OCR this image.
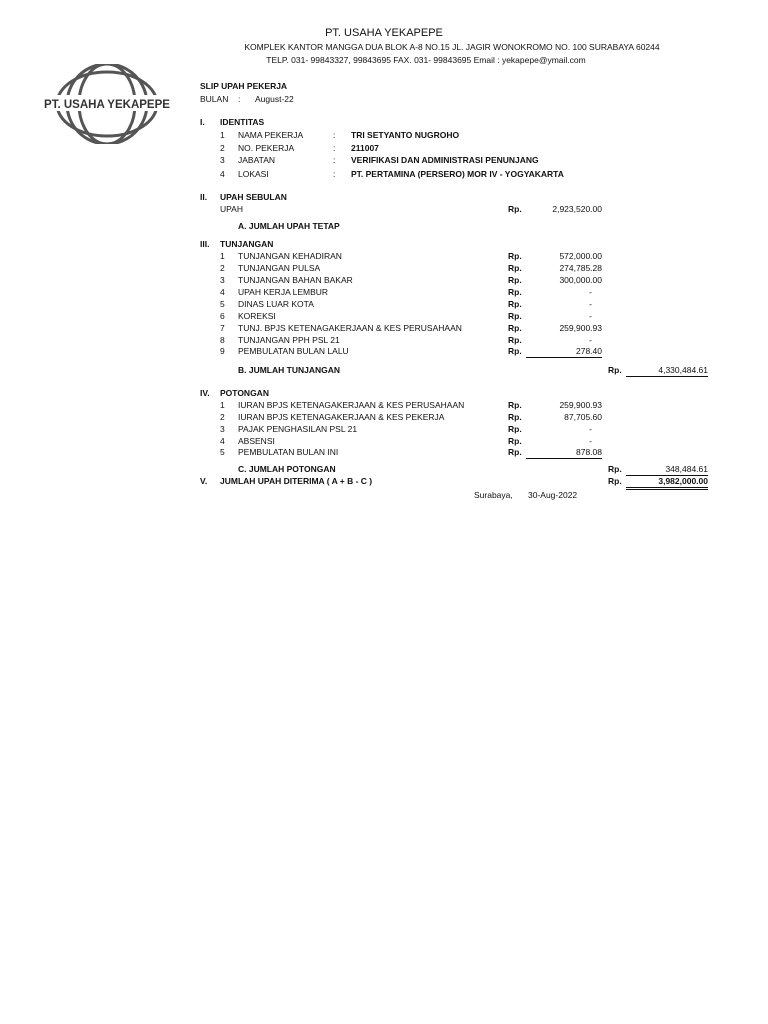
PT. USAHA YEKAPEPE
KOMPLEK KANTOR MANGGA DUA BLOK A-8 NO.15 JL. JAGIR WONOKROMO NO. 100 SURABAYA 60244
TELP. 031- 99843327, 99843695 FAX. 031- 99843695 Email : yekapepe@ymail.com
PT. USAHA YEKAPEPE
SLIP UPAH PEKERJA
BULAN : August-22
I. IDENTITAS
1 NAMA PEKERJA	: TRI SETYANTO NUGROHO
2 NO. PEKERJA	: 211007
3 JABATAN	: VERIFIKASI DAN ADMINISTRASI PENUNJANG
4 LOKASI	: PT. PERTAMINA (PERSERO) MOR IV - YOGYAKARTA
II. UPAH SEBULAN
UPAH	Rp.	2,923,520.00
A. JUMLAH UPAH TETAP
III. TUNJANGAN
1 TUNJANGAN KEHADIRAN	Rp.	572,000.00
2 TUNJANGAN PULSA	Rp.	274,785.28
3 TUNJANGAN BAHAN BAKAR	Rp.	300,000.00
4 UPAH KERJA LEMBUR	Rp.	-
5 DINAS LUAR KOTA	Rp.	-
6 KOREKSI	Rp.	-
7 TUNJ. BPJS KETENAGAKERJAAN & KES PERUSAHAAN	Rp.	259,900.93
8 TUNJANGAN PPH PSL 21	Rp.	-
9 PEMBULATAN BULAN LALU	Rp.	278.40
B. JUMLAH TUNJANGAN	Rp.	4,330,484.61
IV. POTONGAN
1 IURAN BPJS KETENAGAKERJAAN & KES PERUSAHAAN	Rp.	259,900.93
2 IURAN BPJS KETENAGAKERJAAN & KES PEKERJA	Rp.	87,705.60
3 PAJAK PENGHASILAN PSL 21	Rp.	-
4 ABSENSI	Rp.	-
5 PEMBULATAN BULAN INI	Rp.	878.08
C. JUMLAH POTONGAN	Rp.	348,484.61
V. JUMLAH UPAH DITERIMA ( A + B - C )	Rp.	3,982,000.00
Surabaya, 30-Aug-2022
